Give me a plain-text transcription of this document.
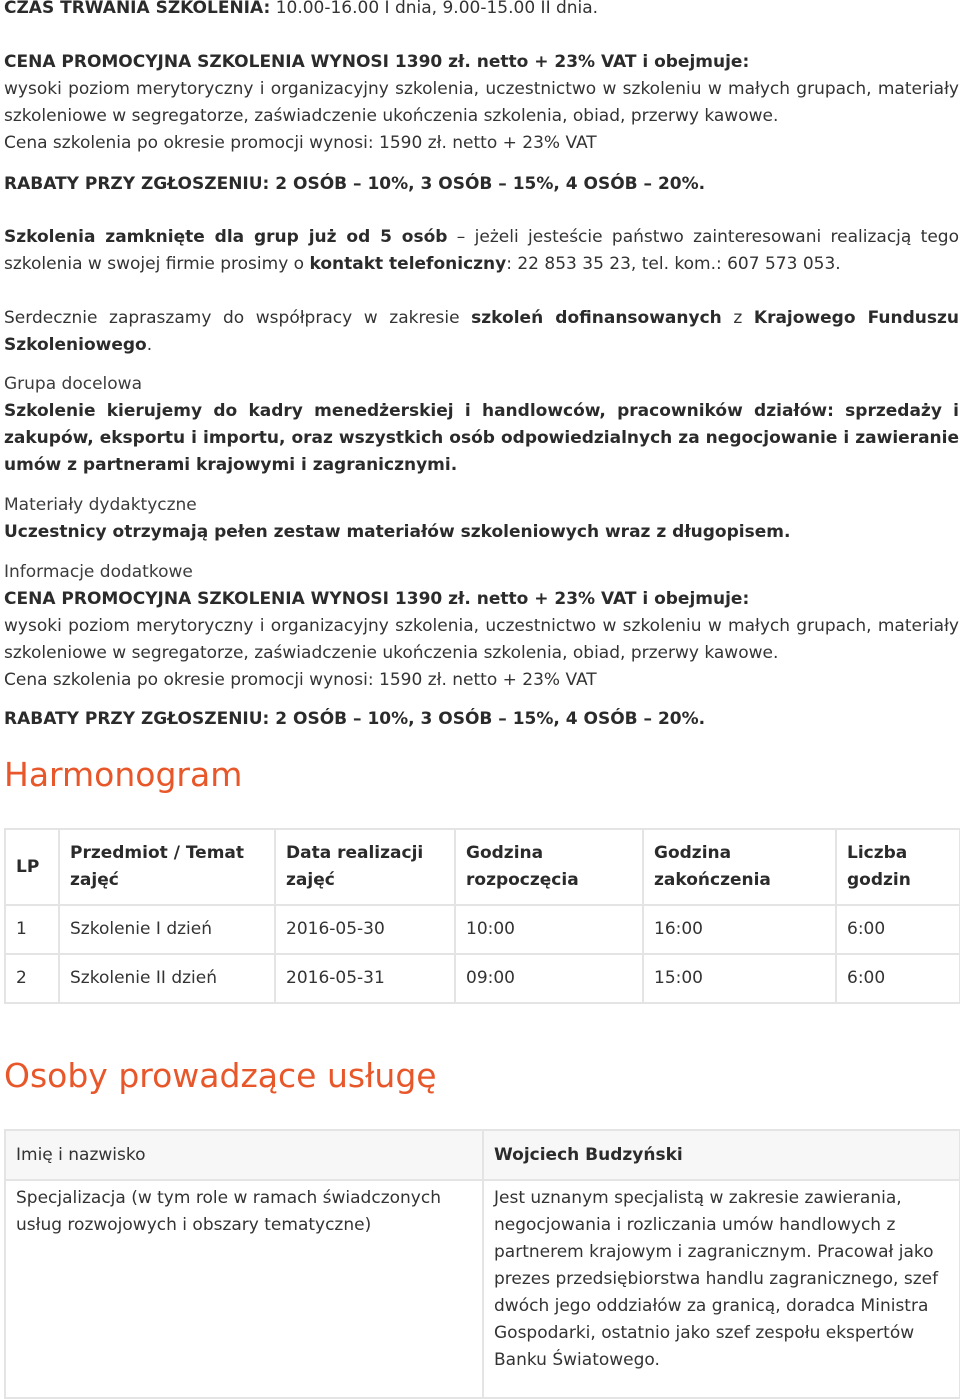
CZAS TRWANIA SZKOLENIA: 10.00-16.00 I dnia, 9.00-15.00 II dnia.
CENA PROMOCYJNA SZKOLENIA WYNOSI 1390 zł. netto + 23% VAT i obejmuje:
wysoki poziom merytoryczny i organizacyjny szkolenia, uczestnictwo w szkoleniu w małych grupach, materiały szkoleniowe w segregatorze, zaświadczenie ukończenia szkolenia, obiad, przerwy kawowe.
Cena szkolenia po okresie promocji wynosi: 1590 zł. netto + 23% VAT
RABATY PRZY ZGŁOSZENIU: 2 OSÓB – 10%, 3 OSÓB – 15%, 4 OSÓB – 20%.
Szkolenia zamknięte dla grup już od 5 osób – jeżeli jesteście państwo zainteresowani realizacją tego szkolenia w swojej firmie prosimy o kontakt telefoniczny: 22 853 35 23, tel. kom.: 607 573 053.
Serdecznie zapraszamy do współpracy w zakresie szkoleń dofinansowanych z Krajowego Funduszu Szkoleniowego.
Grupa docelowa
Szkolenie kierujemy do kadry menedżerskiej i handlowców, pracowników działów: sprzedaży i zakupów, eksportu i importu, oraz wszystkich osób odpowiedzialnych za negocjowanie i zawieranie umów z partnerami krajowymi i zagranicznymi.
Materiały dydaktyczne
Uczestnicy otrzymają pełen zestaw materiałów szkoleniowych wraz z długopisem.
Informacje dodatkowe
CENA PROMOCYJNA SZKOLENIA WYNOSI 1390 zł. netto + 23% VAT i obejmuje:
wysoki poziom merytoryczny i organizacyjny szkolenia, uczestnictwo w szkoleniu w małych grupach, materiały szkoleniowe w segregatorze, zaświadczenie ukończenia szkolenia, obiad, przerwy kawowe.
Cena szkolenia po okresie promocji wynosi: 1590 zł. netto + 23% VAT
RABATY PRZY ZGŁOSZENIU: 2 OSÓB – 10%, 3 OSÓB – 15%, 4 OSÓB – 20%.
Harmonogram
LP	Przedmiot / Temat zajęć	Data realizacji zajęć	Godzina rozpoczęcia	Godzina zakończenia	Liczba godzin
1	Szkolenie I dzień	2016-05-30	10:00	16:00	6:00
2	Szkolenie II dzień	2016-05-31	09:00	15:00	6:00
Osoby prowadzące usługę
Imię i nazwisko	Wojciech Budzyński
Specjalizacja (w tym role w ramach świadczonych usług rozwojowych i obszary tematyczne)	Jest uznanym specjalistą w zakresie zawierania, negocjowania i rozliczania umów handlowych z partnerem krajowym i zagranicznym. Pracował jako prezes przedsiębiorstwa handlu zagranicznego, szef dwóch jego oddziałów za granicą, doradca Ministra Gospodarki, ostatnio jako szef zespołu ekspertów Banku Światowego.
